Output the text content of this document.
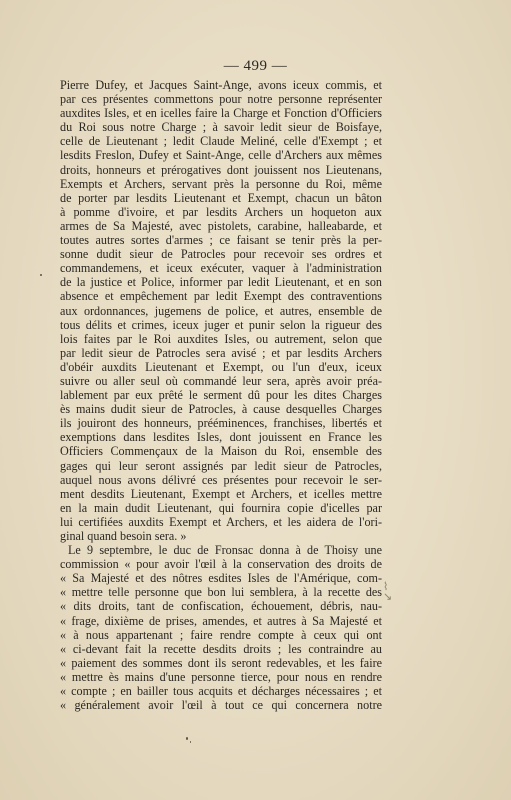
— 499 —
Pierre Dufey, et Jacques Saint-Ange, avons iceux commis, et
par ces présentes commettons pour notre personne représenter
auxdites Isles, et en icelles faire la Charge et Fonction d'Officiers
du Roi sous notre Charge ; à savoir ledit sieur de Boisfaye,
celle de Lieutenant ; ledit Claude Meliné, celle d'Exempt ; et
lesdits Freslon, Dufey et Saint-Ange, celle d'Archers aux mêmes
droits, honneurs et prérogatives dont jouissent nos Lieutenans,
Exempts et Archers, servant près la personne du Roi, même
de porter par lesdits Lieutenant et Exempt, chacun un bâton
à pomme d'ivoire, et par lesdits Archers un hoqueton aux
armes de Sa Majesté, avec pistolets, carabine, halleabarde, et
toutes autres sortes d'armes ; ce faisant se tenir près la per-
sonne dudit sieur de Patrocles pour recevoir ses ordres et
commandemens, et iceux exécuter, vaquer à l'administration
de la justice et Police, informer par ledit Lieutenant, et en son
absence et empêchement par ledit Exempt des contraventions
aux ordonnances, jugemens de police, et autres, ensemble de
tous délits et crimes, iceux juger et punir selon la rigueur des
lois faites par le Roi auxdites Isles, ou autrement, selon que
par ledit sieur de Patrocles sera avisé ; et par lesdits Archers
d'obéir auxdits Lieutenant et Exempt, ou l'un d'eux, iceux
suivre ou aller seul où commandé leur sera, après avoir préa-
lablement par eux prêté le serment dû pour les dites Charges
ès mains dudit sieur de Patrocles, à cause desquelles Charges
ils jouiront des honneurs, prééminences, franchises, libertés et
exemptions dans lesdites Isles, dont jouissent en France les
Officiers Commençaux de la Maison du Roi, ensemble des
gages qui leur seront assignés par ledit sieur de Patrocles,
auquel nous avons délivré ces présentes pour recevoir le ser-
ment desdits Lieutenant, Exempt et Archers, et icelles mettre
en la main dudit Lieutenant, qui fournira copie d'icelles par
lui certifiées auxdits Exempt et Archers, et les aidera de l'ori-
ginal quand besoin sera. »
Le 9 septembre, le duc de Fronsac donna à de Thoisy une
commission « pour avoir l'œil à la conservation des droits de
« Sa Majesté et des nôtres esdites Isles de l'Amérique, com-
« mettre telle personne que bon lui semblera, à la recette des
« dits droits, tant de confiscation, échouement, débris, nau-
« frage, dixième de prises, amendes, et autres à Sa Majesté et
« à nous appartenant ; faire rendre compte à ceux qui ont
« ci-devant fait la recette desdits droits ; les contraindre au
« paiement des sommes dont ils seront redevables, et les faire
« mettre ès mains d'une personne tierce, pour nous en rendre
« compte ; en bailler tous acquits et décharges nécessaires ; et
« généralement avoir l'œil à tout ce qui concernera notre
⌇
↘
